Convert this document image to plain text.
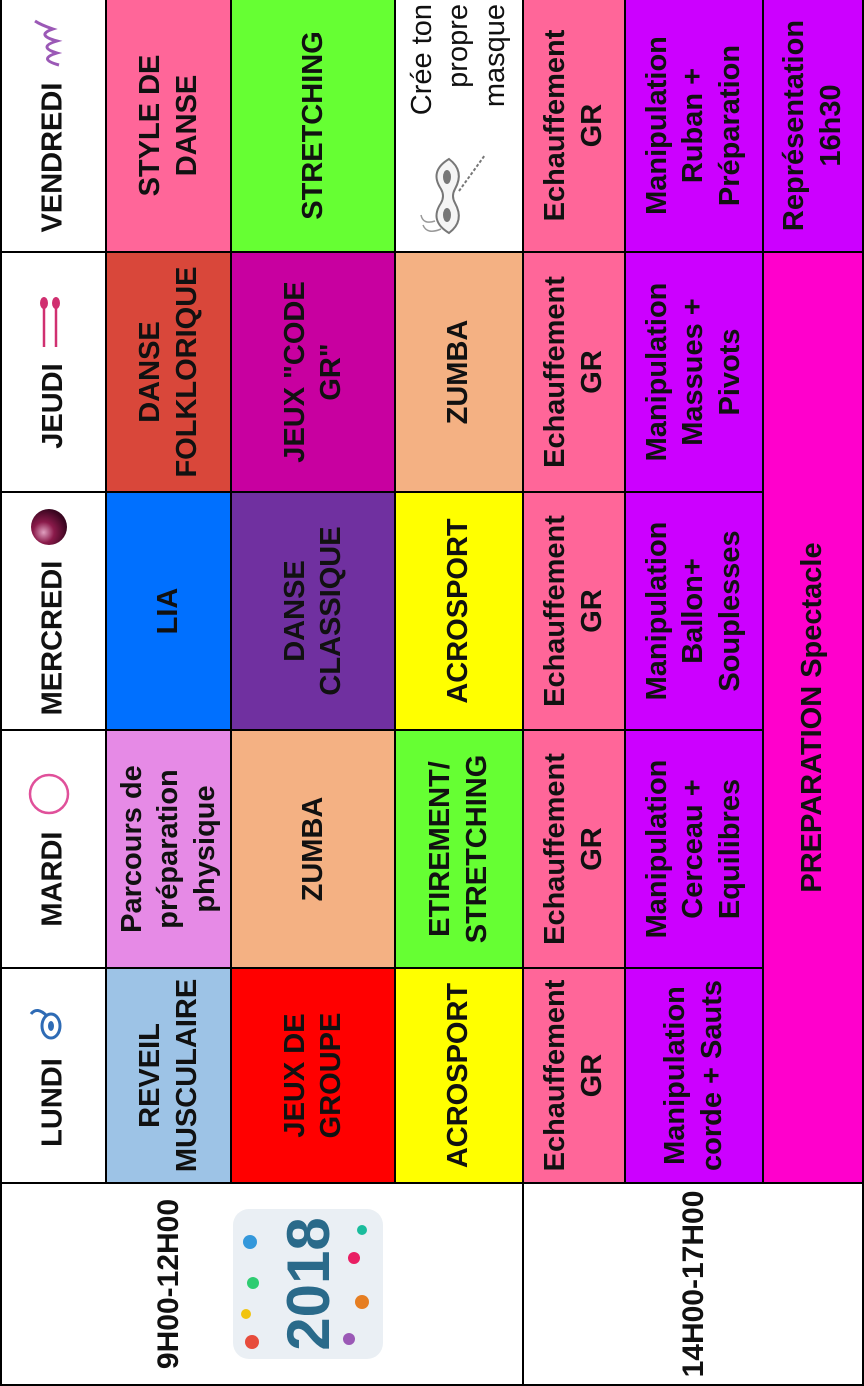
	LUNDI	MARDI	MERCREDI	JEUDI	VENDREDI
9H00-12H00	REVEIL MUSCULAIRE	Parcours de préparation physique	LIA	DANSE FOLKLORIQUE	STYLE DE DANSE

2018	JEUX DE GROUPE	ZUMBA	DANSE CLASSIQUE	JEUX "CODE GR"	STRETCHING
	ACROSPORT	ETIREMENT/ STRETCHING	ACROSPORT	ZUMBA	Crée ton propre masque

	Echauffement GR	Echauffement GR	Echauffement GR	Echauffement GR	Echauffement GR
14H00-17H00	Manipulation corde + Sauts	Manipulation Cerceau + Equilibres	Manipulation Ballon+ Souplesses	Manipulation Massues + Pivots	Manipulation Ruban + Préparation
	PREPARATION Spectacle				Représentation 16h30
